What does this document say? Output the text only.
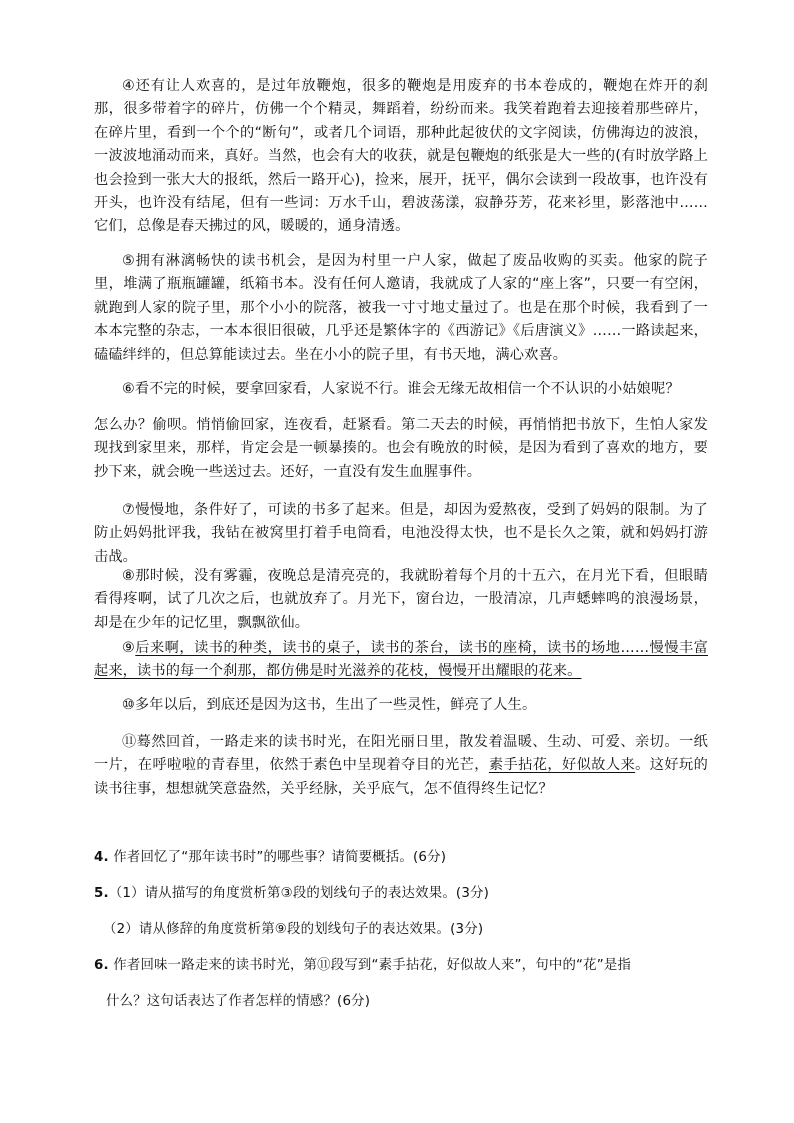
④还有让人欢喜的，是过年放鞭炮，很多的鞭炮是用废弃的书本卷成的，鞭炮在炸开的刹那，很多带着字的碎片，仿佛一个个精灵，舞蹈着，纷纷而来。我笑着跑着去迎接着那些碎片，在碎片里，看到一个个的“断句”，或者几个词语，那种此起彼伏的文字阅读，仿佛海边的波浪，一波波地涌动而来，真好。当然，也会有大的收获，就是包鞭炮的纸张是大一些的(有时放学路上也会捡到一张大大的报纸，然后一路开心)，捡来，展开，抚平，偶尔会读到一段故事，也许没有开头，也许没有结尾，但有一些词：万水千山，碧波荡漾，寂静芬芳，花来衫里，影落池中……它们，总像是春天拂过的风，暖暖的，通身清透。

⑤拥有淋漓畅快的读书机会，是因为村里一户人家，做起了废品收购的买卖。他家的院子里，堆满了瓶瓶罐罐，纸箱书本。没有任何人邀请，我就成了人家的“座上客”，只要一有空闲，就跑到人家的院子里，那个小小的院落，被我一寸寸地丈量过了。也是在那个时候，我看到了一本本完整的杂志，一本本很旧很破，几乎还是繁体字的《西游记》《后唐演义》……一路读起来，磕磕绊绊的，但总算能读过去。坐在小小的院子里，有书天地，满心欢喜。

⑥看不完的时候，要拿回家看，人家说不行。谁会无缘无故相信一个不认识的小姑娘呢？

怎么办？偷呗。悄悄偷回家，连夜看，赶紧看。第二天去的时候，再悄悄把书放下，生怕人家发现找到家里来，那样，肯定会是一顿暴揍的。也会有晚放的时候，是因为看到了喜欢的地方，要抄下来，就会晚一些送过去。还好，一直没有发生血腥事件。

⑦慢慢地，条件好了，可读的书多了起来。但是，却因为爱熬夜，受到了妈妈的限制。为了防止妈妈批评我，我钻在被窝里打着手电筒看，电池没得太快，也不是长久之策，就和妈妈打游击战。

⑧那时候，没有雾霾，夜晚总是清亮亮的，我就盼着每个月的十五六，在月光下看，但眼睛看得疼啊，试了几次之后，也就放弃了。月光下，窗台边，一股清凉，几声蟋蟀鸣的浪漫场景，却是在少年的记忆里，飘飘欲仙。

⑨后来啊，读书的种类，读书的桌子，读书的茶台，读书的座椅，读书的场地……慢慢丰富起来，读书的每一个刹那，都仿佛是时光滋养的花枝，慢慢开出耀眼的花来。

⑩多年以后，到底还是因为这书，生出了一些灵性，鲜亮了人生。

⑪蓦然回首，一路走来的读书时光，在阳光丽日里，散发着温暖、生动、可爱、亲切。一纸一片，在呼啦啦的青春里，依然于素色中呈现着夺目的光芒，素手拈花，好似故人来。这好玩的读书往事，想想就笑意盎然，关乎经脉，关乎底气，怎不值得终生记忆？

4. 作者回忆了“那年读书时”的哪些事？请简要概括。(6分)

5.（1）请从描写的角度赏析第③段的划线句子的表达效果。(3分)

（2）请从修辞的角度赏析第⑨段的划线句子的表达效果。(3分)

6. 作者回味一路走来的读书时光，第⑪段写到“素手拈花，好似故人来”，句中的“花”是指

什么？这句话表达了作者怎样的情感？(6分)
